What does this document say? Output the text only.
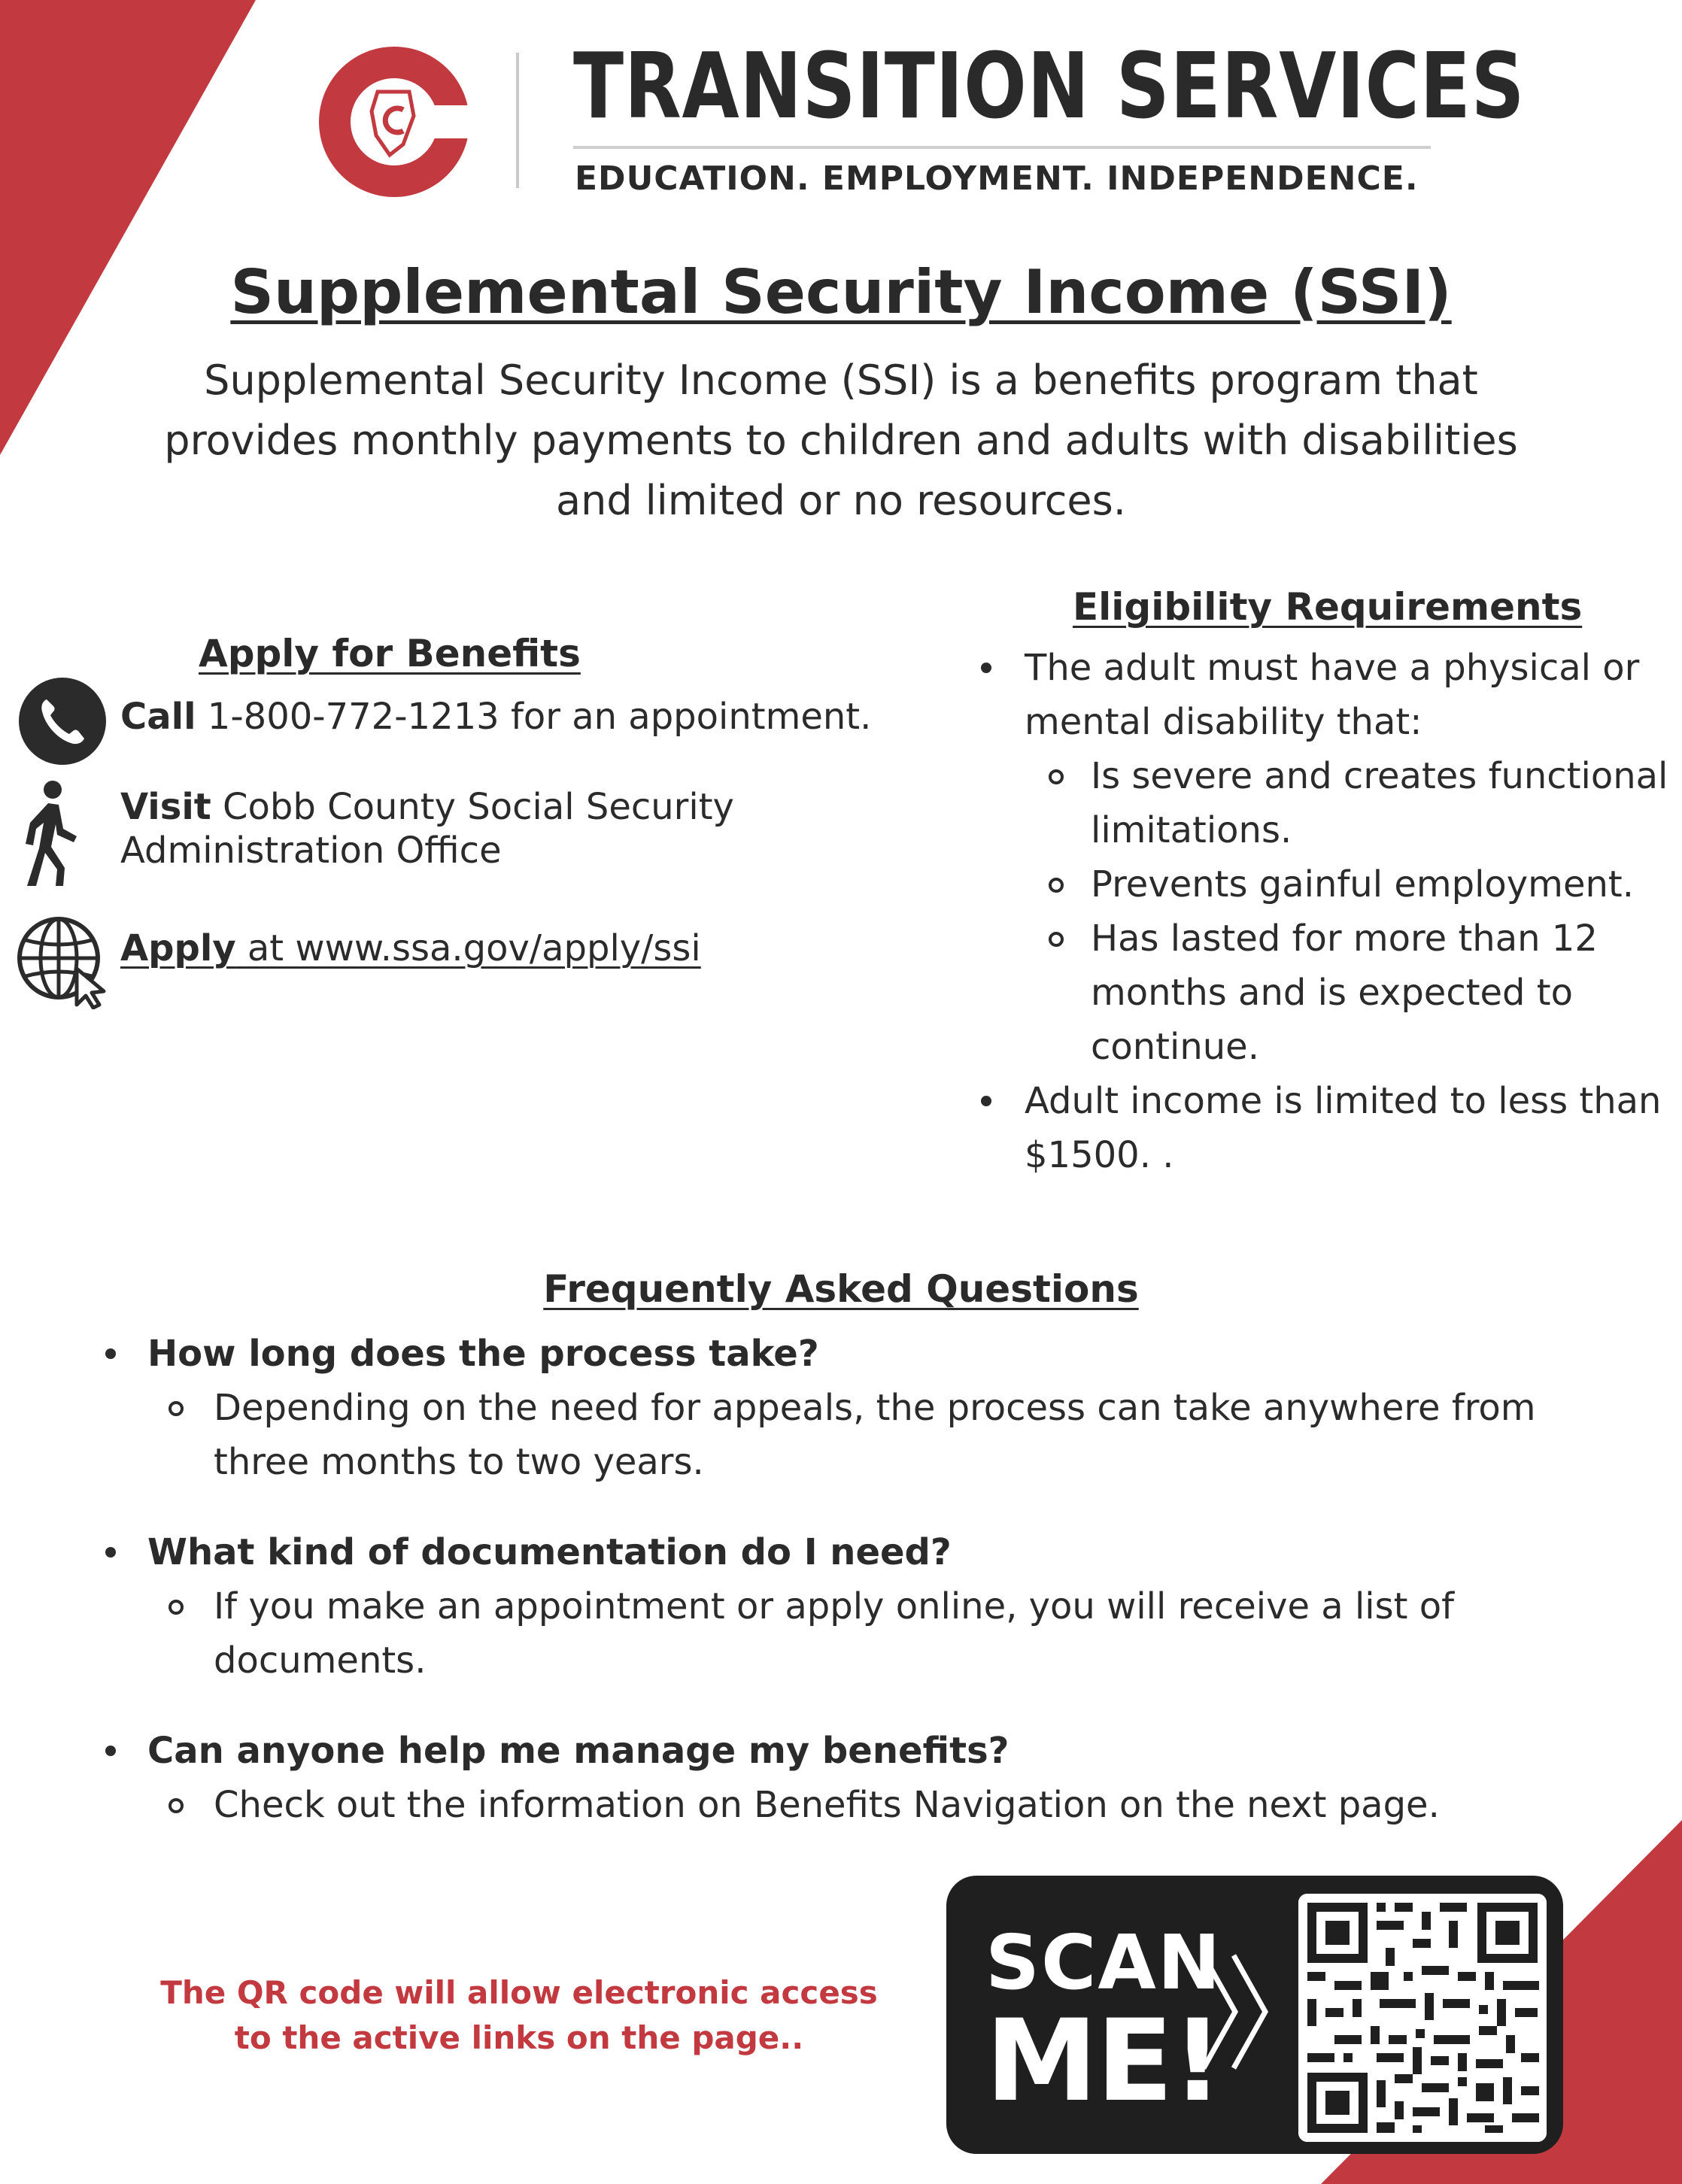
TRANSITION SERVICES
EDUCATION. EMPLOYMENT. INDEPENDENCE.
Supplemental Security Income (SSI)
Supplemental Security Income (SSI) is a benefits program that provides monthly payments to children and adults with disabilities and limited or no resources.
Apply for Benefits
Call 1-800-772-1213 for an appointment.
Visit Cobb County Social Security Administration Office
Apply at www.ssa.gov/apply/ssi
Eligibility Requirements
The adult must have a physical or mental disability that:
Is severe and creates functional limitations.
Prevents gainful employment.
Has lasted for more than 12 months and is expected to continue.
Adult income is limited to less than $1500. .
Frequently Asked Questions
How long does the process take?
Depending on the need for appeals, the process can take anywhere from three months to two years.
What kind of documentation do I need?
If you make an appointment or apply online, you will receive a list of documents.
Can anyone help me manage my benefits?
Check out the information on Benefits Navigation on the next page.
The QR code will allow electronic access to the active links on the page..
SCAN
ME!
